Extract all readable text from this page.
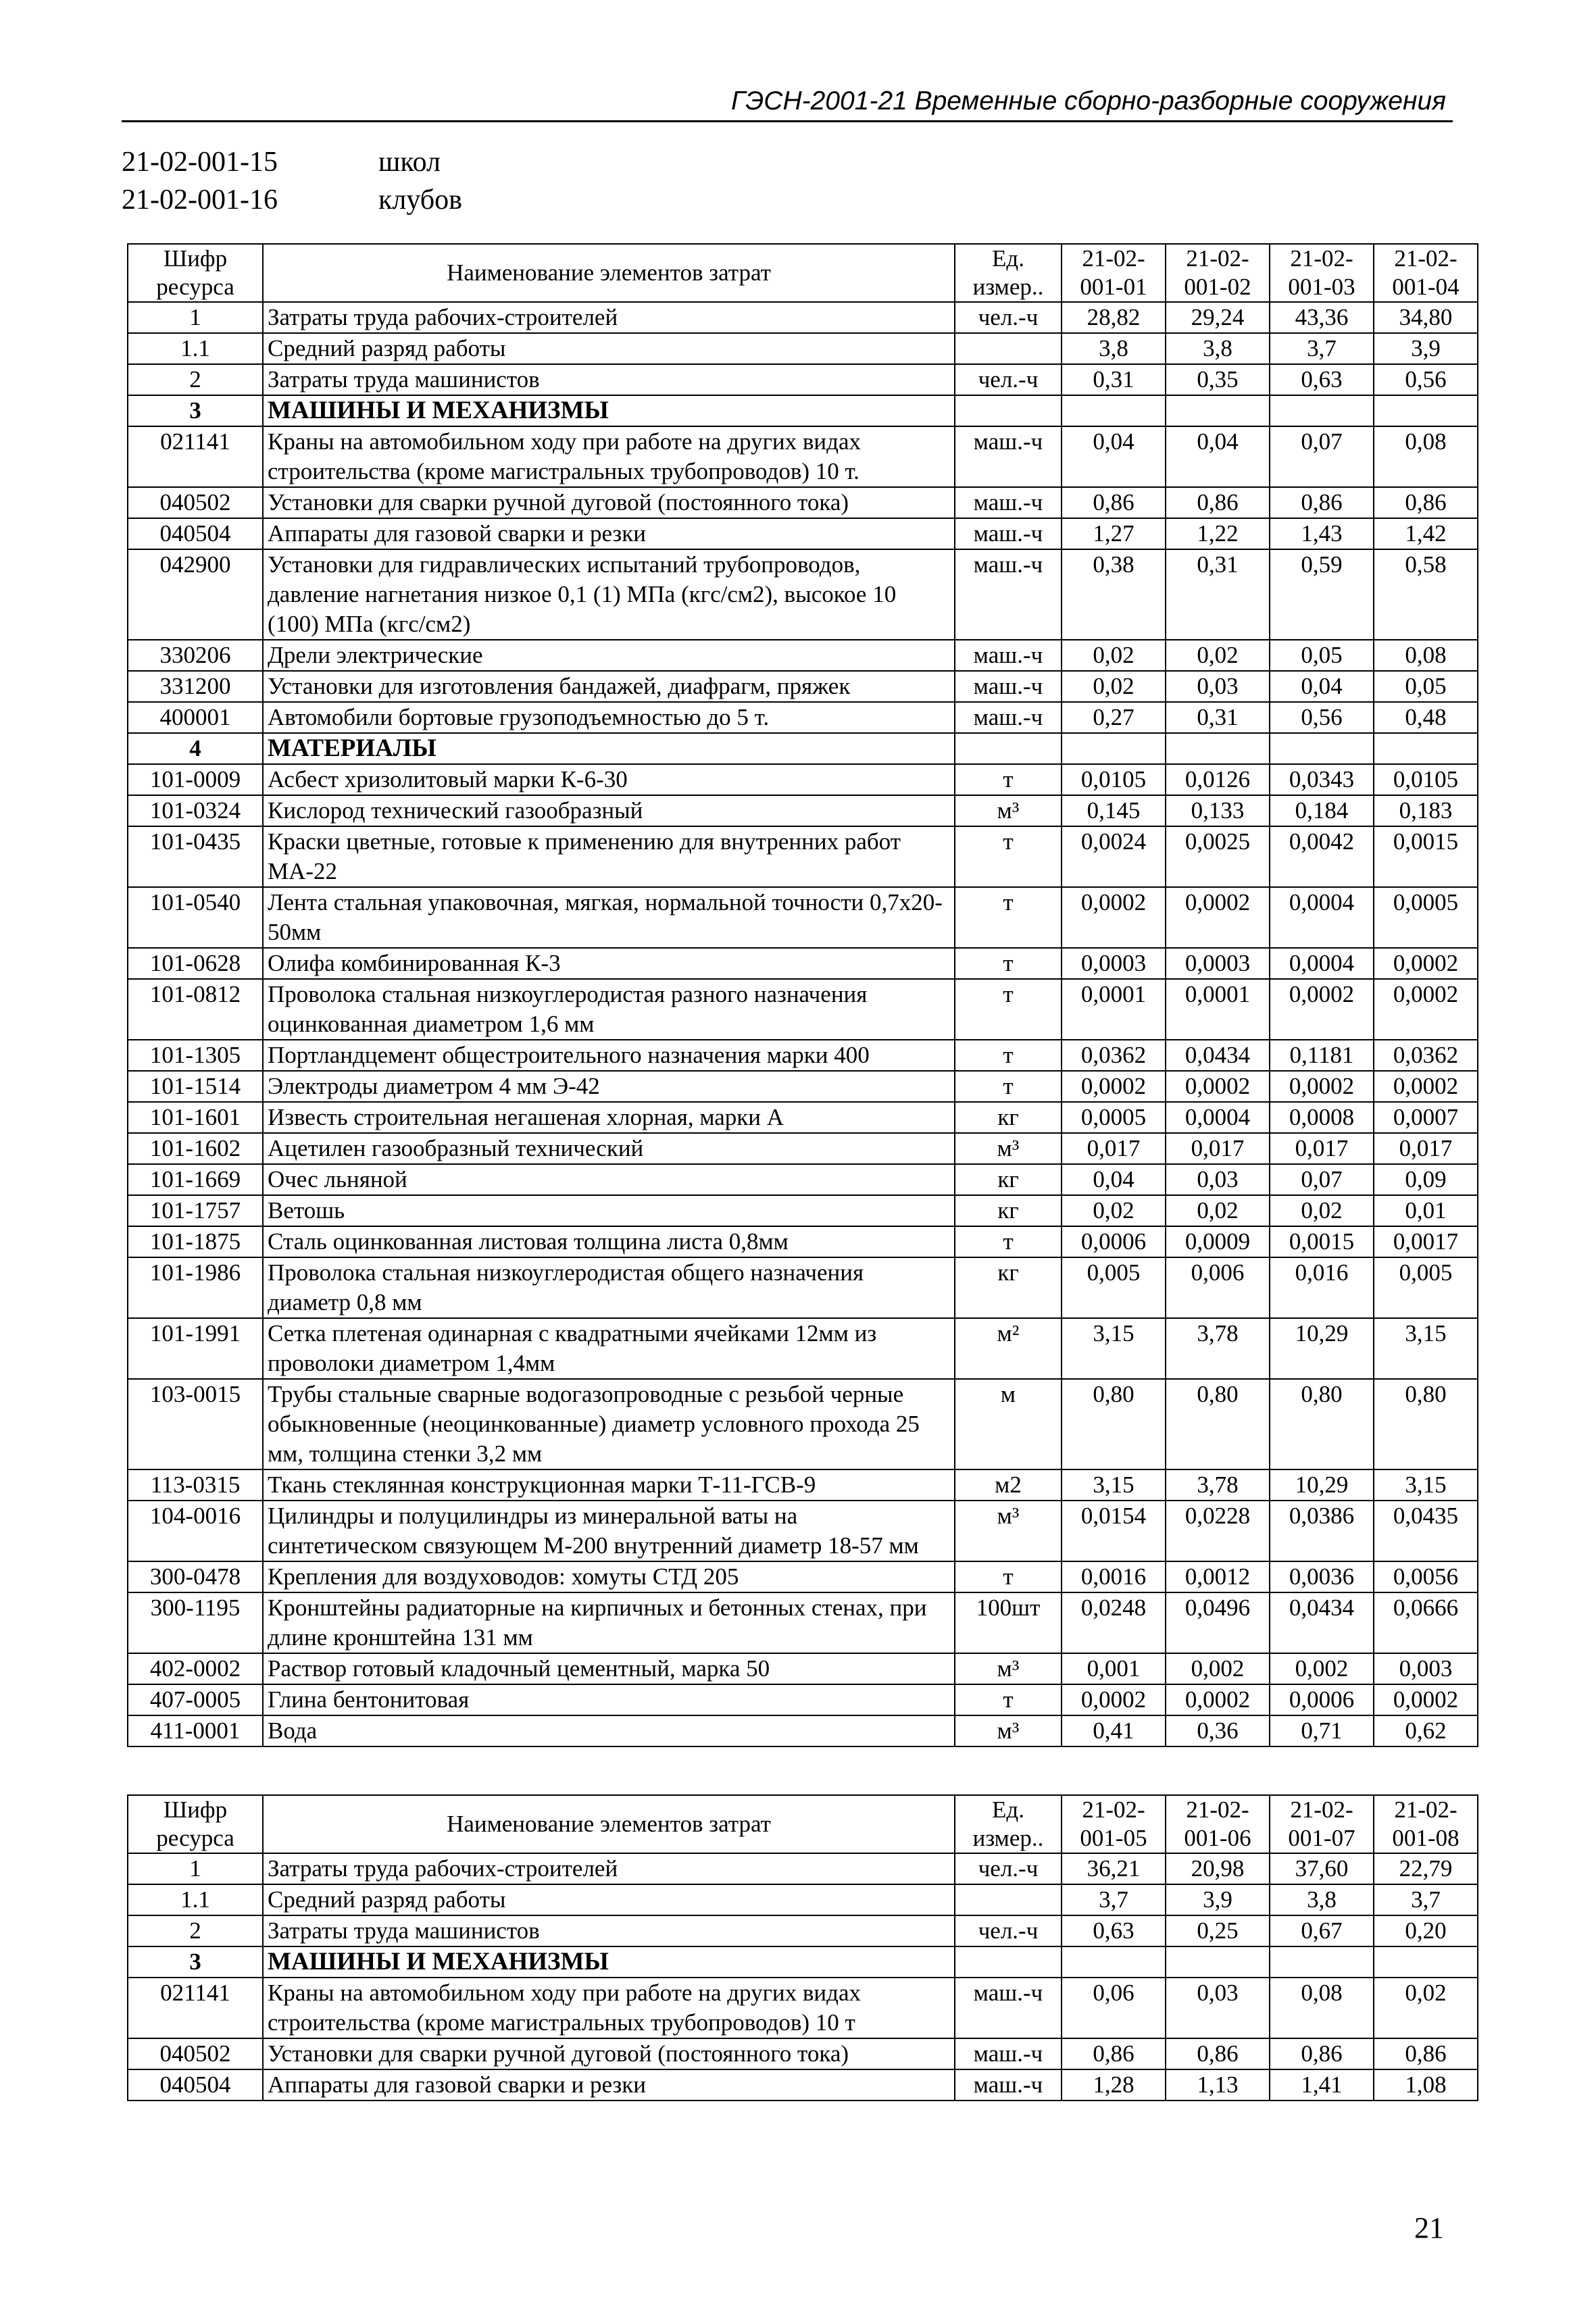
ГЭСН-2001-21 Временные сборно-разборные сооружения
21-02-001-15	школ
21-02-001-16	клубов
Шифр ресурса	Наименование элементов затрат	Ед. измер..	21-02-001-01	21-02-001-02	21-02-001-03	21-02-001-04
1	Затраты труда рабочих-строителей	чел.-ч	28,82	29,24	43,36	34,80
1.1	Средний разряд работы		3,8	3,8	3,7	3,9
2	Затраты труда машинистов	чел.-ч	0,31	0,35	0,63	0,56
3	МАШИНЫ И МЕХАНИЗМЫ					
021141	Краны на автомобильном ходу при работе на других видах строительства (кроме магистральных трубопроводов) 10 т.	маш.-ч	0,04	0,04	0,07	0,08
040502	Установки для сварки ручной дуговой (постоянного тока)	маш.-ч	0,86	0,86	0,86	0,86
040504	Аппараты для газовой сварки и резки	маш.-ч	1,27	1,22	1,43	1,42
042900	Установки для гидравлических испытаний трубопроводов, давление нагнетания низкое 0,1 (1) МПа (кгс/см2), высокое 10 (100) МПа (кгс/см2)	маш.-ч	0,38	0,31	0,59	0,58
330206	Дрели электрические	маш.-ч	0,02	0,02	0,05	0,08
331200	Установки для изготовления бандажей, диафрагм, пряжек	маш.-ч	0,02	0,03	0,04	0,05
400001	Автомобили бортовые грузоподъемностью до 5 т.	маш.-ч	0,27	0,31	0,56	0,48
4	МАТЕРИАЛЫ					
101-0009	Асбест хризолитовый марки К-6-30	т	0,0105	0,0126	0,0343	0,0105
101-0324	Кислород технический газообразный	м³	0,145	0,133	0,184	0,183
101-0435	Краски цветные, готовые к применению для внутренних работ МА-22	т	0,0024	0,0025	0,0042	0,0015
101-0540	Лента стальная упаковочная, мягкая, нормальной точности 0,7х20-50мм	т	0,0002	0,0002	0,0004	0,0005
101-0628	Олифа комбинированная К-3	т	0,0003	0,0003	0,0004	0,0002
101-0812	Проволока стальная низкоуглеродистая разного назначения оцинкованная диаметром 1,6 мм	т	0,0001	0,0001	0,0002	0,0002
101-1305	Портландцемент общестроительного назначения марки 400	т	0,0362	0,0434	0,1181	0,0362
101-1514	Электроды диаметром 4 мм Э-42	т	0,0002	0,0002	0,0002	0,0002
101-1601	Известь строительная негашеная хлорная, марки А	кг	0,0005	0,0004	0,0008	0,0007
101-1602	Ацетилен газообразный технический	м³	0,017	0,017	0,017	0,017
101-1669	Очес льняной	кг	0,04	0,03	0,07	0,09
101-1757	Ветошь	кг	0,02	0,02	0,02	0,01
101-1875	Сталь оцинкованная листовая толщина листа 0,8мм	т	0,0006	0,0009	0,0015	0,0017
101-1986	Проволока стальная низкоуглеродистая общего назначения диаметр 0,8 мм	кг	0,005	0,006	0,016	0,005
101-1991	Сетка плетеная одинарная с квадратными ячейками 12мм из проволоки диаметром 1,4мм	м²	3,15	3,78	10,29	3,15
103-0015	Трубы стальные сварные водогазопроводные с резьбой черные обыкновенные (неоцинкованные) диаметр условного прохода 25 мм, толщина стенки 3,2 мм	м	0,80	0,80	0,80	0,80
113-0315	Ткань стеклянная конструкционная марки Т-11-ГСВ-9	м2	3,15	3,78	10,29	3,15
104-0016	Цилиндры и полуцилиндры из минеральной ваты на синтетическом связующем М-200 внутренний диаметр 18-57 мм	м³	0,0154	0,0228	0,0386	0,0435
300-0478	Крепления для воздуховодов: хомуты СТД 205	т	0,0016	0,0012	0,0036	0,0056
300-1195	Кронштейны радиаторные на кирпичных и бетонных стенах, при длине кронштейна 131 мм	100шт	0,0248	0,0496	0,0434	0,0666
402-0002	Раствор готовый кладочный цементный, марка 50	м³	0,001	0,002	0,002	0,003
407-0005	Глина бентонитовая	т	0,0002	0,0002	0,0006	0,0002
411-0001	Вода	м³	0,41	0,36	0,71	0,62
Шифр ресурса	Наименование элементов затрат	Ед. измер..	21-02-001-05	21-02-001-06	21-02-001-07	21-02-001-08
1	Затраты труда рабочих-строителей	чел.-ч	36,21	20,98	37,60	22,79
1.1	Средний разряд работы		3,7	3,9	3,8	3,7
2	Затраты труда машинистов	чел.-ч	0,63	0,25	0,67	0,20
3	МАШИНЫ И МЕХАНИЗМЫ					
021141	Краны на автомобильном ходу при работе на других видах строительства (кроме магистральных трубопроводов) 10 т	маш.-ч	0,06	0,03	0,08	0,02
040502	Установки для сварки ручной дуговой (постоянного тока)	маш.-ч	0,86	0,86	0,86	0,86
040504	Аппараты для газовой сварки и резки	маш.-ч	1,28	1,13	1,41	1,08
21
